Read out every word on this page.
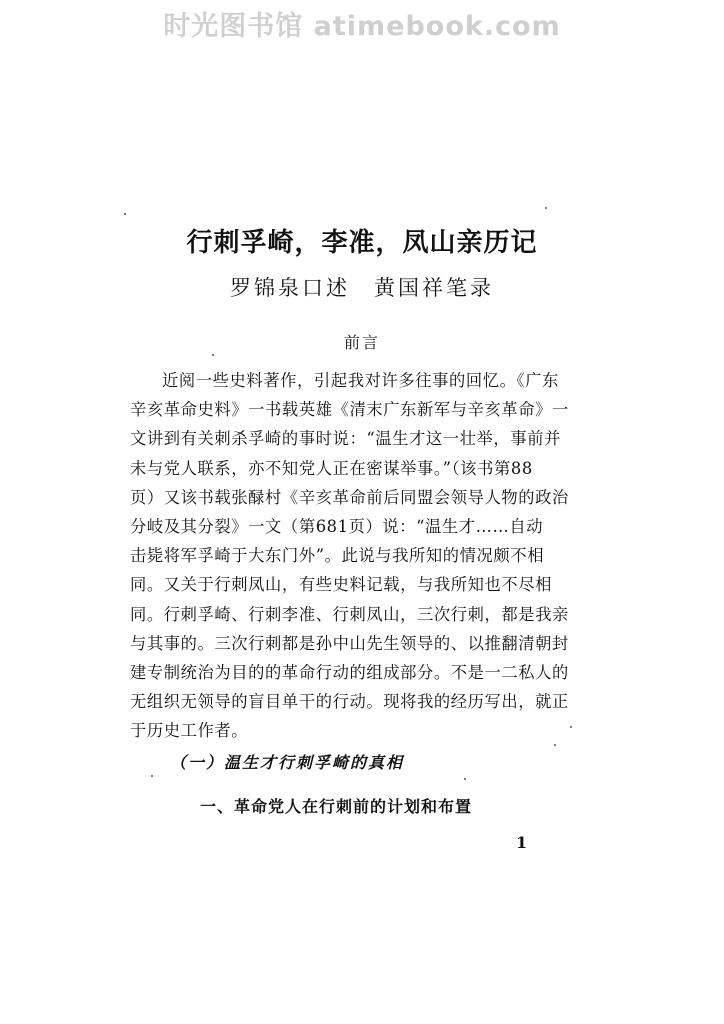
时光图书馆 atimebook.com
行刺孚崎，李准，凤山亲历记
罗锦泉口述　黄国祥笔录
前言
近阅一些史料著作，引起我对许多往事的回忆。《广东
辛亥革命史料》一书载英雄《清末广东新军与辛亥革命》一
文讲到有关刺杀孚崎的事时说：“温生才这一壮举，事前并
未与党人联系，亦不知党人正在密谋举事。”（该书第88
页）又该书载张醁村《辛亥革命前后同盟会领导人物的政治
分岐及其分裂》一文（第681页）说：“温生才……自动
击毙将军孚崎于大东门外”。此说与我所知的情况颇不相
同。又关于行刺凤山，有些史料记载，与我所知也不尽相
同。行刺孚崎、行刺李准、行刺凤山，三次行刺，都是我亲
与其事的。三次行刺都是孙中山先生领导的、以推翻清朝封
建专制统治为目的的革命行动的组成部分。不是一二私人的
无组织无领导的盲目单干的行动。现将我的经历写出，就正
于历史工作者。
（一）温生才行刺孚崎的真相
一、革命党人在行刺前的计划和布置
1
